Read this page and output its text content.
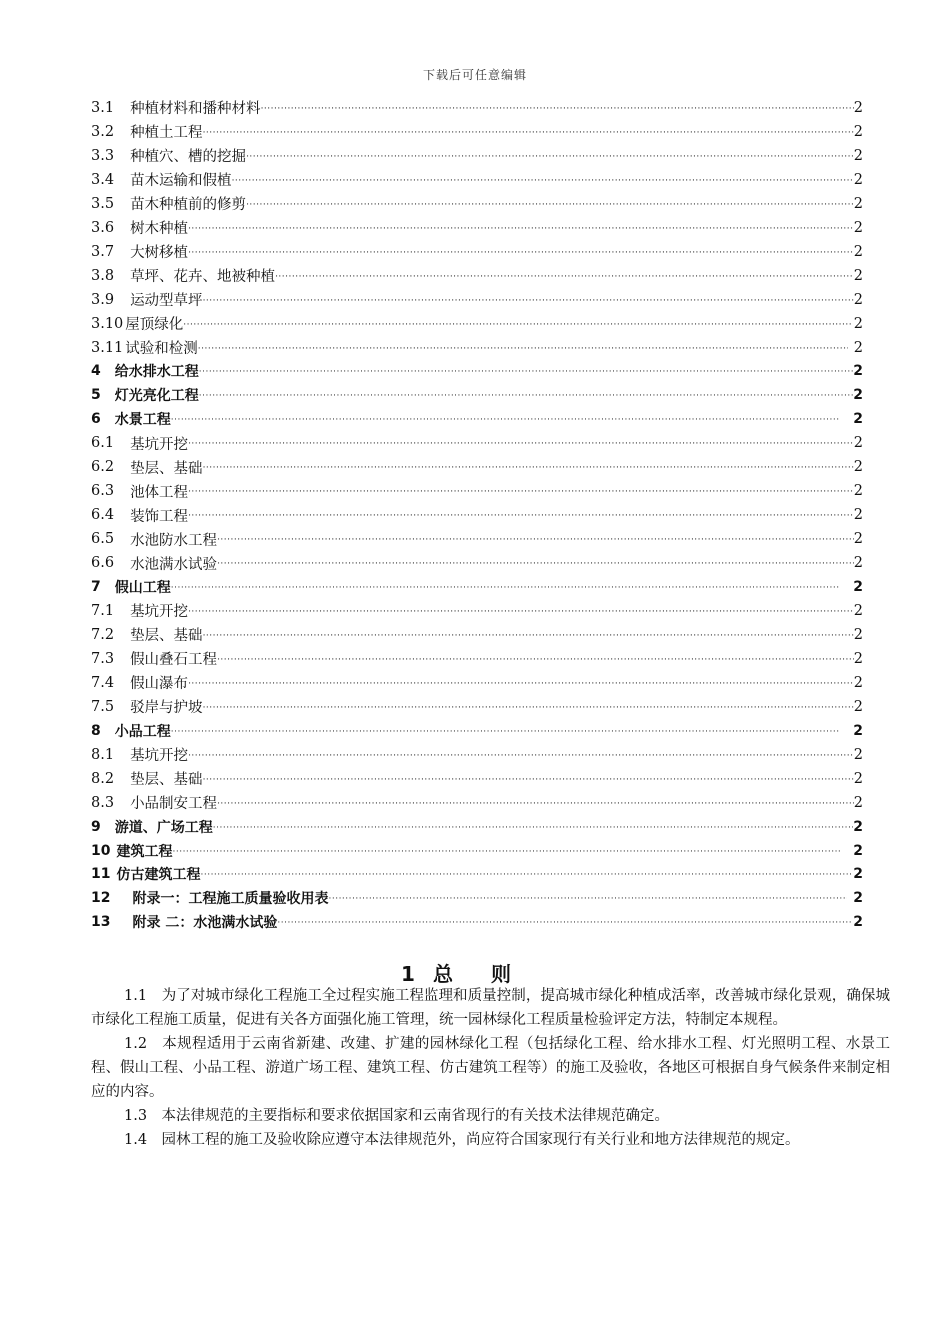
下载后可任意编辑
3.1 种植材料和播种材料 ·····	2
3.2 种植土工程 ·····	2
3.3 种植穴、槽的挖掘 ·····	2
3.4 苗木运输和假植 ·····	2
3.5 苗木种植前的修剪 ·····	2
3.6 树木种植 ·····	2
3.7 大树移植 ·····	2
3.8 草坪、花卉、地被种植 ·····	2
3.9 运动型草坪 ·····	2
3.10 屋顶绿化 ·····	2
3.11 试验和检测 ·····	2
4 给水排水工程 ·····	2
5 灯光亮化工程 ·····	2
6 水景工程 ·····	2
6.1 基坑开挖 ·····	2
6.2 垫层、基础 ·····	2
6.3 池体工程 ·····	2
6.4 装饰工程 ·····	2
6.5 水池防水工程 ·····	2
6.6 水池满水试验 ·····	2
7 假山工程 ·····	2
7.1 基坑开挖 ·····	2
7.2 垫层、基础 ·····	2
7.3 假山叠石工程 ·····	2
7.4 假山瀑布 ·····	2
7.5 驳岸与护坡 ·····	2
8 小品工程 ·····	2
8.1 基坑开挖 ·····	2
8.2 垫层、基础 ·····	2
8.3 小品制安工程 ·····	2
9 游道、广场工程 ·····	2
10 建筑工程 ·····	2
11 仿古建筑工程 ·····	2
12 附录一：工程施工质量验收用表 ·····	2
13 附录 二：水池满水试验 ·····	2
1 总则

1.1　为了对城市绿化工程施工全过程实施工程监理和质量控制，提高城市绿化种植成活率，改善城市绿化景观，确保城市绿化工程施工质量，促进有关各方面强化施工管理，统一园林绿化工程质量检验评定方法，特制定本规程。

1.2　本规程适用于云南省新建、改建、扩建的园林绿化工程（包括绿化工程、给水排水工程、灯光照明工程、水景工程、假山工程、小品工程、游道广场工程、建筑工程、仿古建筑工程等）的施工及验收，各地区可根据自身气候条件来制定相应的内容。

1.3　本法律规范的主要指标和要求依据国家和云南省现行的有关技术法律规范确定。

1.4　园林工程的施工及验收除应遵守本法律规范外，尚应符合国家现行有关行业和地方法律规范的规定。
